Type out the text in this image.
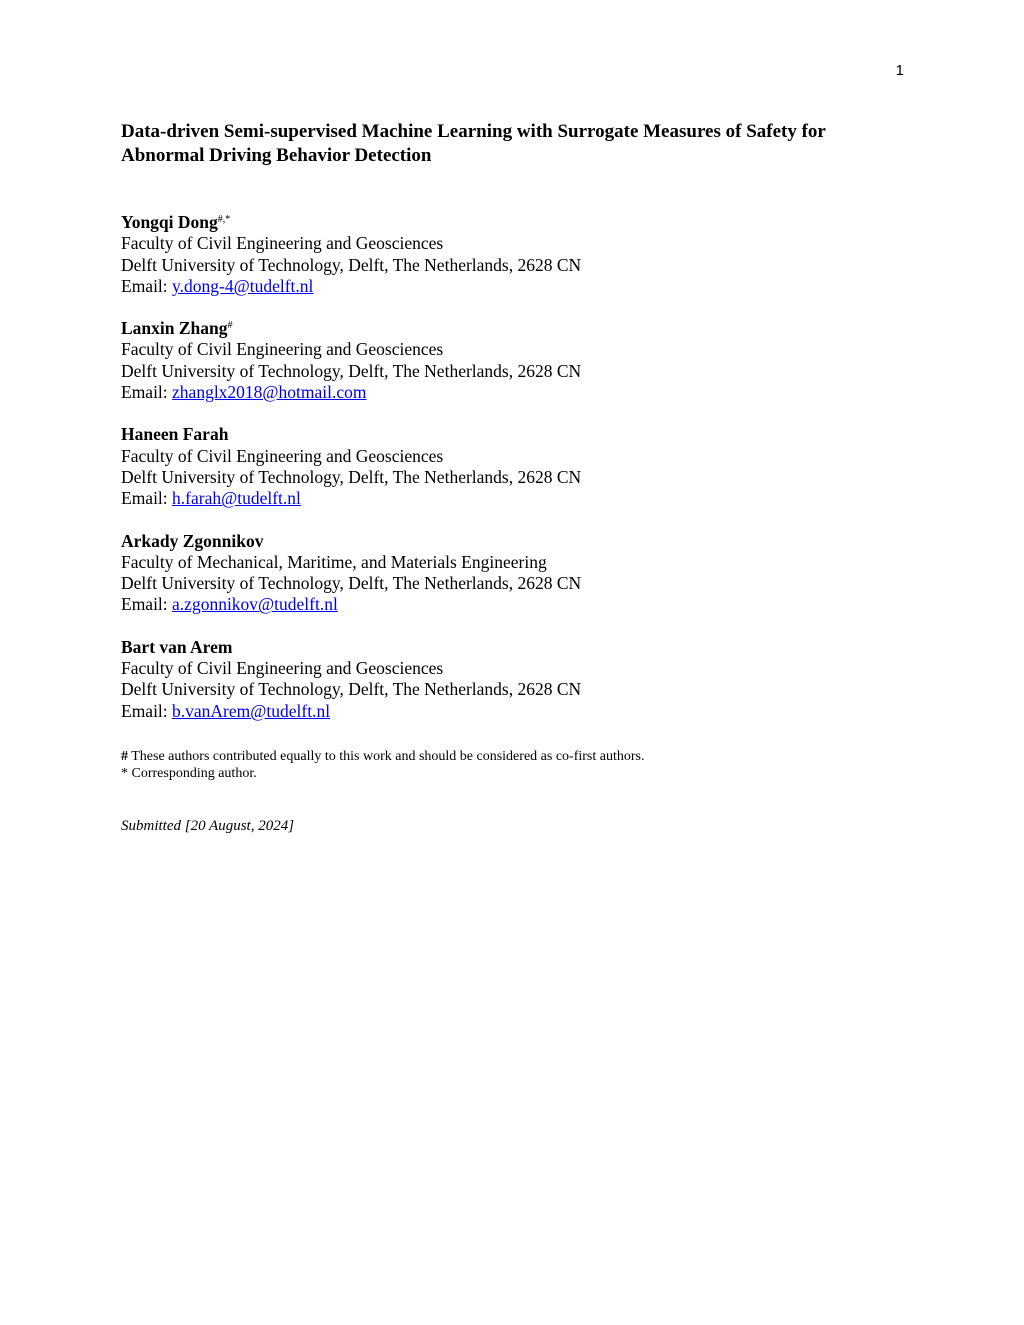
1
Data-driven Semi-supervised Machine Learning with Surrogate Measures of Safety for
Abnormal Driving Behavior Detection
Yongqi Dong#,*
Faculty of Civil Engineering and Geosciences
Delft University of Technology, Delft, The Netherlands, 2628 CN
Email: y.dong-4@tudelft.nl
Lanxin Zhang#
Faculty of Civil Engineering and Geosciences
Delft University of Technology, Delft, The Netherlands, 2628 CN
Email: zhanglx2018@hotmail.com
Haneen Farah
Faculty of Civil Engineering and Geosciences
Delft University of Technology, Delft, The Netherlands, 2628 CN
Email: h.farah@tudelft.nl
Arkady Zgonnikov
Faculty of Mechanical, Maritime, and Materials Engineering
Delft University of Technology, Delft, The Netherlands, 2628 CN
Email: a.zgonnikov@tudelft.nl
Bart van Arem
Faculty of Civil Engineering and Geosciences
Delft University of Technology, Delft, The Netherlands, 2628 CN
Email: b.vanArem@tudelft.nl
# These authors contributed equally to this work and should be considered as co-first authors.
* Corresponding author.
Submitted [20 August, 2024]
